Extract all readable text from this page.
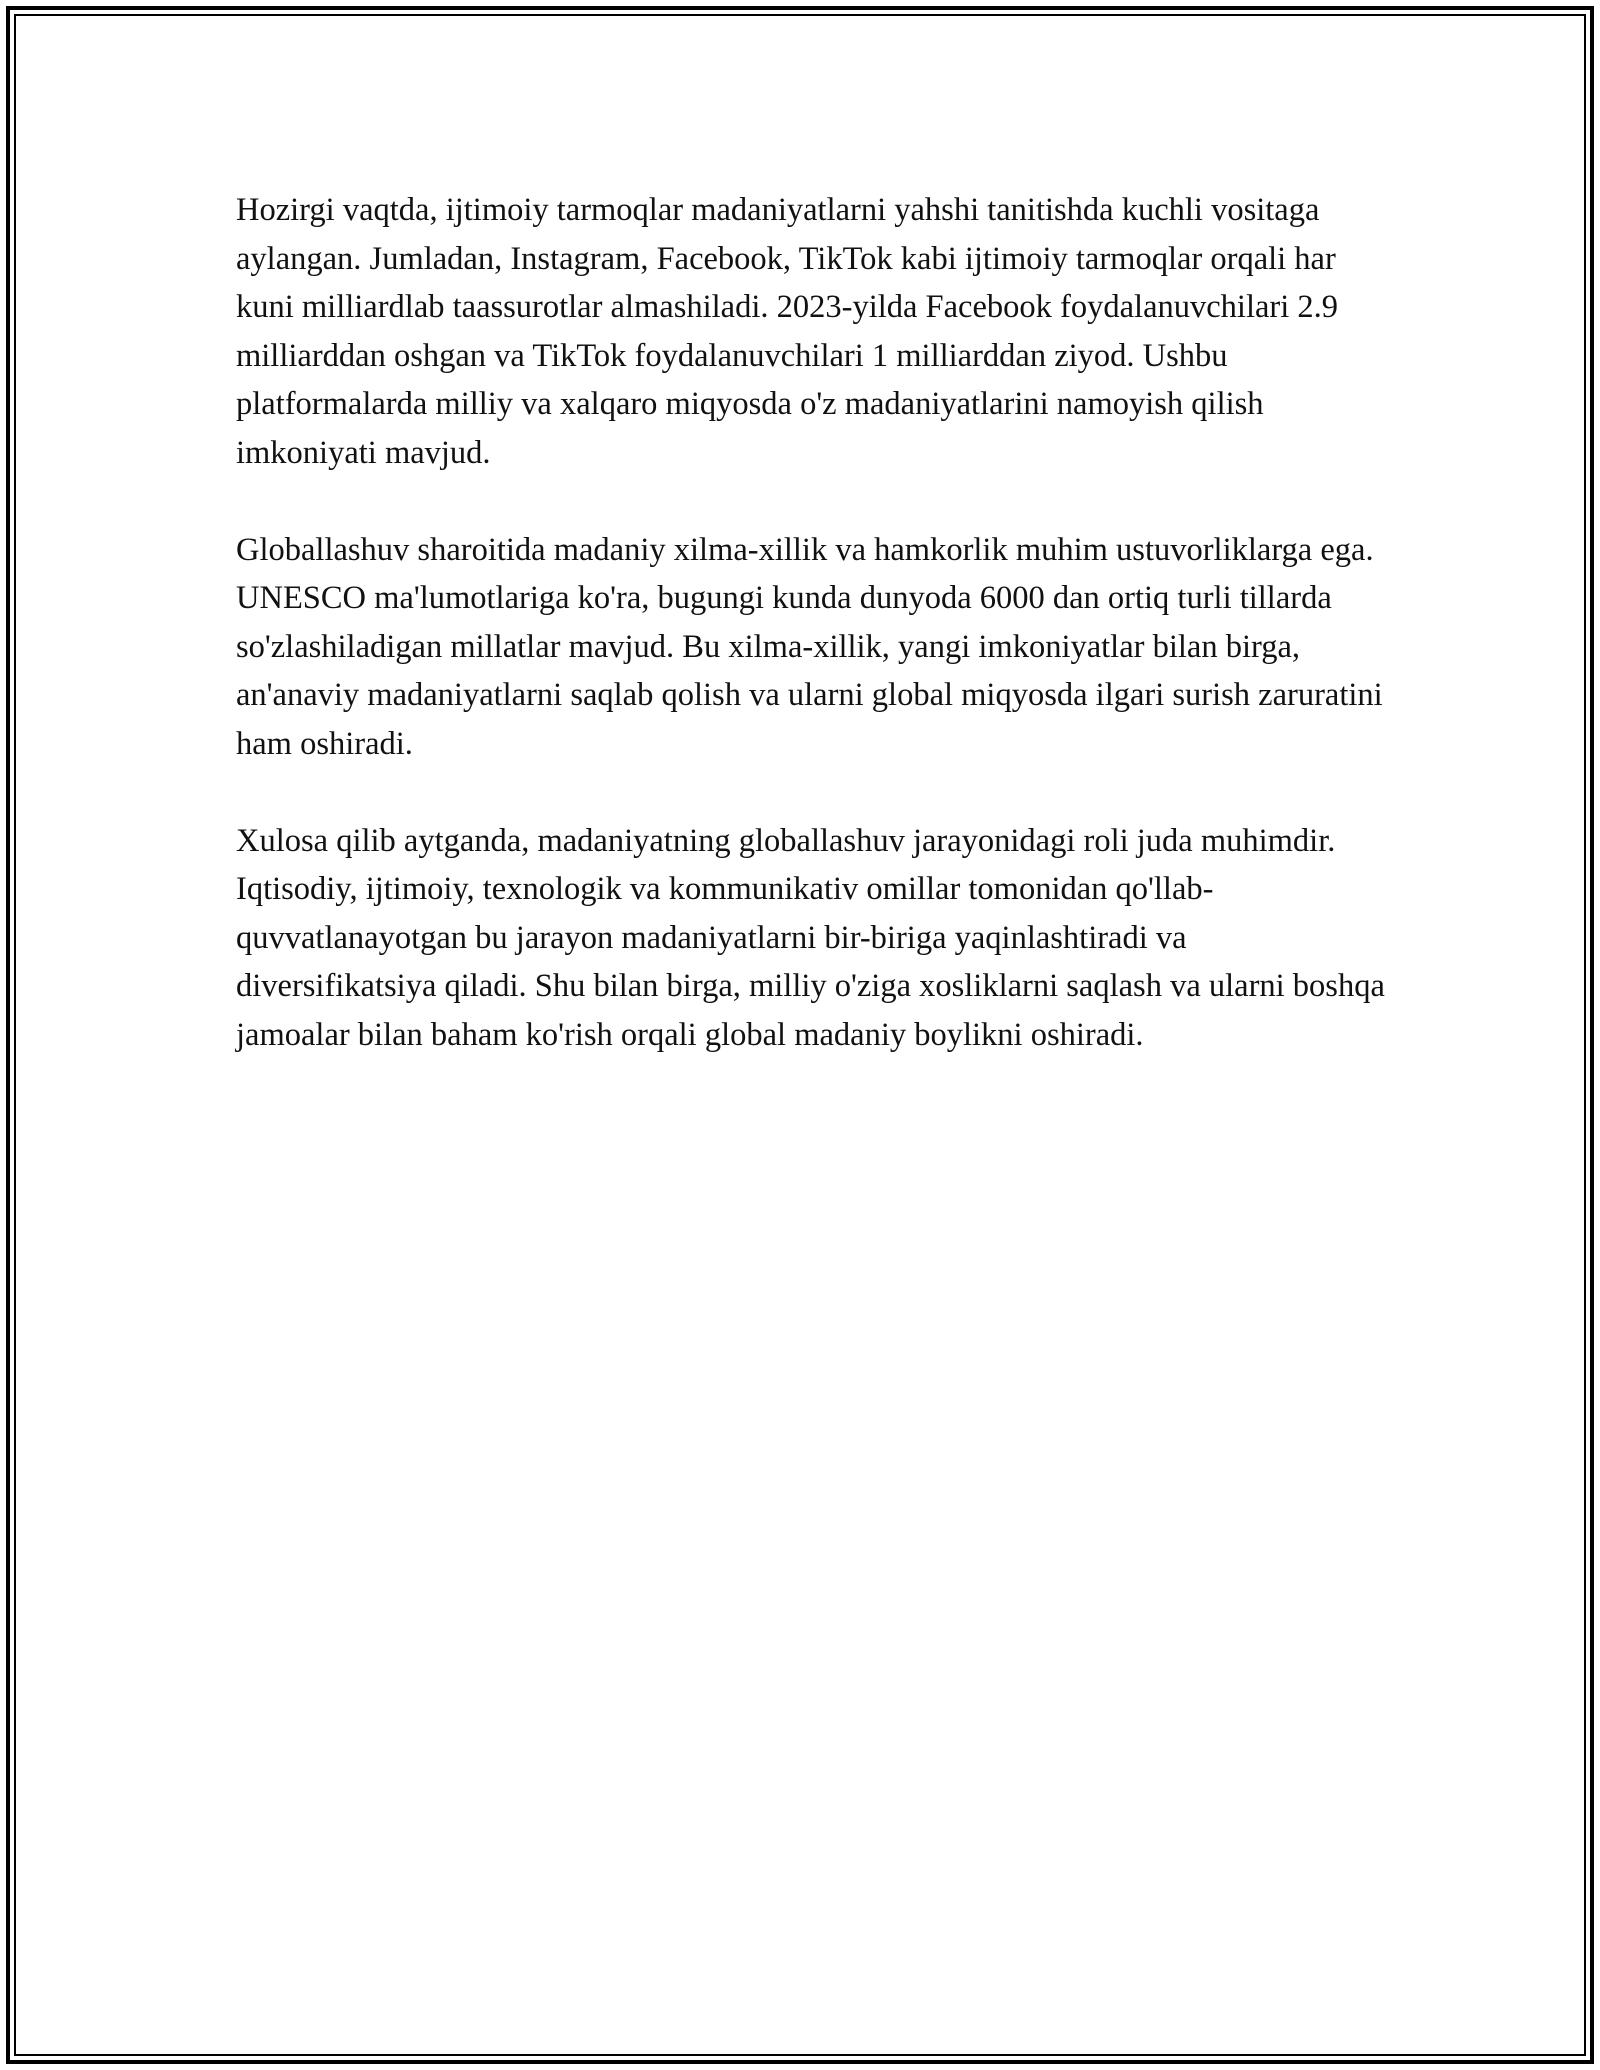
Hozirgi vaqtda, ijtimoiy tarmoqlar madaniyatlarni yahshi tanitishda kuchli vositaga aylangan. Jumladan, Instagram, Facebook, TikTok kabi ijtimoiy tarmoqlar orqali har kuni milliardlab taassurotlar almashiladi. 2023-yilda Facebook foydalanuvchilari 2.9 milliarddan oshgan va TikTok foydalanuvchilari 1 milliarddan ziyod. Ushbu platformalarda milliy va xalqaro miqyosda o'z madaniyatlarini namoyish qilish imkoniyati mavjud.

Globallashuv sharoitida madaniy xilma-xillik va hamkorlik muhim ustuvorliklarga ega. UNESCO ma'lumotlariga ko'ra, bugungi kunda dunyoda 6000 dan ortiq turli tillarda so'zlashiladigan millatlar mavjud. Bu xilma-xillik, yangi imkoniyatlar bilan birga, an'anaviy madaniyatlarni saqlab qolish va ularni global miqyosda ilgari surish zaruratini ham oshiradi.

Xulosa qilib aytganda, madaniyatning globallashuv jarayonidagi roli juda muhimdir. Iqtisodiy, ijtimoiy, texnologik va kommunikativ omillar tomonidan qo'llab-quvvatlanayotgan bu jarayon madaniyatlarni bir-biriga yaqinlashtiradi va diversifikatsiya qiladi. Shu bilan birga, milliy o'ziga xosliklarni saqlash va ularni boshqa jamoalar bilan baham ko'rish orqali global madaniy boylikni oshiradi.
